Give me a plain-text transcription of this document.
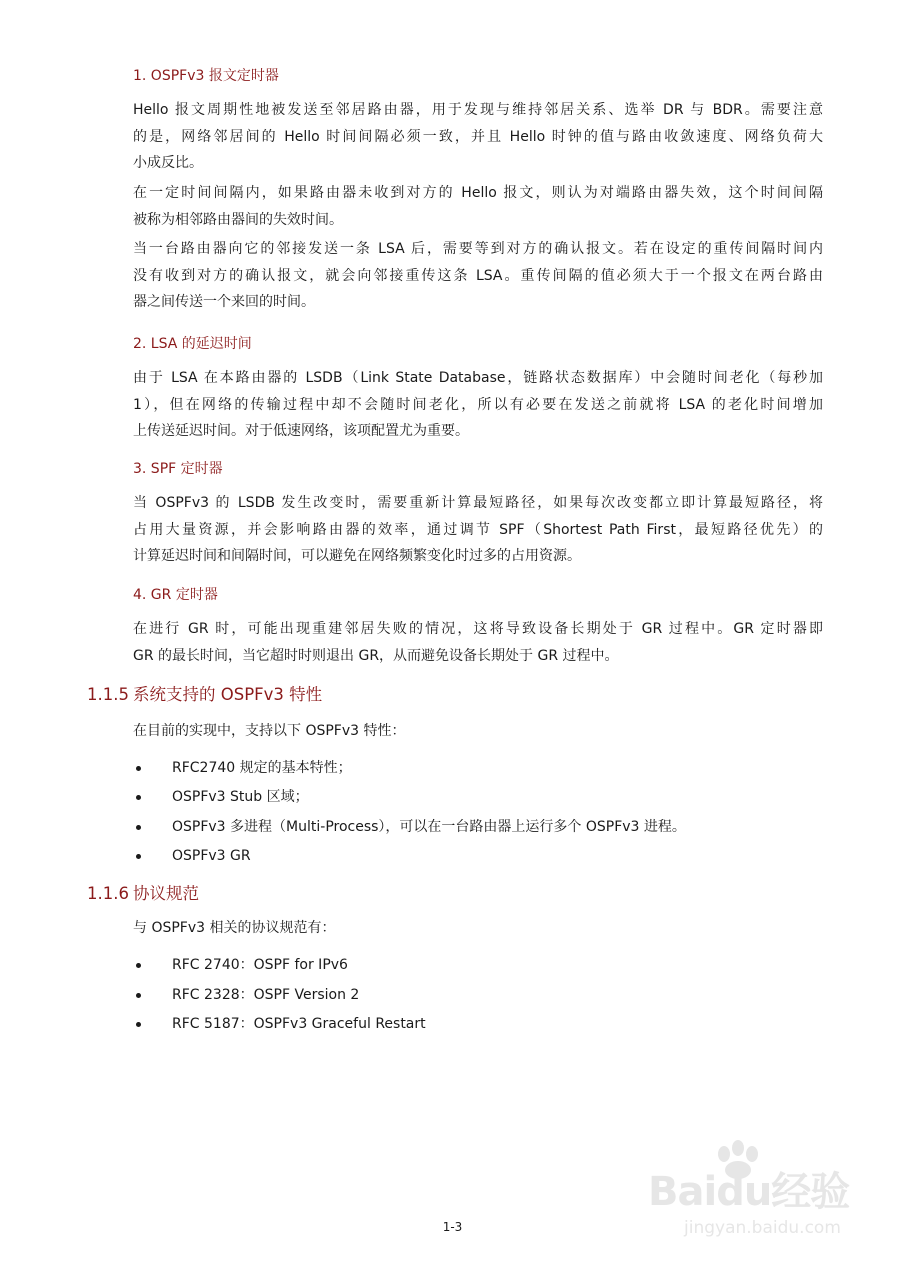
1. OSPFv3 报文定时器

Hello 报文周期性地被发送至邻居路由器，用于发现与维持邻居关系、选举 DR 与 BDR。需要注意
的是，网络邻居间的 Hello 时间间隔必须一致，并且 Hello 时钟的值与路由收敛速度、网络负荷大
小成反比。

在一定时间间隔内，如果路由器未收到对方的 Hello 报文，则认为对端路由器失效，这个时间间隔
被称为相邻路由器间的失效时间。

当一台路由器向它的邻接发送一条 LSA 后，需要等到对方的确认报文。若在设定的重传间隔时间内
没有收到对方的确认报文，就会向邻接重传这条 LSA。重传间隔的值必须大于一个报文在两台路由
器之间传送一个来回的时间。

2. LSA 的延迟时间

由于 LSA 在本路由器的 LSDB（Link State Database，链路状态数据库）中会随时间老化（每秒加
1），但在网络的传输过程中却不会随时间老化，所以有必要在发送之前就将 LSA 的老化时间增加
上传送延迟时间。对于低速网络，该项配置尤为重要。

3. SPF 定时器

当 OSPFv3 的 LSDB 发生改变时，需要重新计算最短路径，如果每次改变都立即计算最短路径，将
占用大量资源，并会影响路由器的效率，通过调节 SPF（Shortest Path First，最短路径优先）的
计算延迟时间和间隔时间，可以避免在网络频繁变化时过多的占用资源。

4. GR 定时器

在进行 GR 时，可能出现重建邻居失败的情况，这将导致设备长期处于 GR 过程中。GR 定时器即
GR 的最长时间，当它超时时则退出 GR，从而避免设备长期处于 GR 过程中。

1.1.5 系统支持的 OSPFv3 特性

在目前的实现中，支持以下 OSPFv3 特性：

RFC2740 规定的基本特性；
OSPFv3 Stub 区域；
OSPFv3 多进程（Multi-Process），可以在一台路由器上运行多个 OSPFv3 进程。
OSPFv3 GR

1.1.6 协议规范

与 OSPFv3 相关的协议规范有：

RFC 2740：OSPF for IPv6
RFC 2328：OSPF Version 2
RFC 5187：OSPFv3 Graceful Restart
Baidu经验
jingyan.baidu.com
1-3
